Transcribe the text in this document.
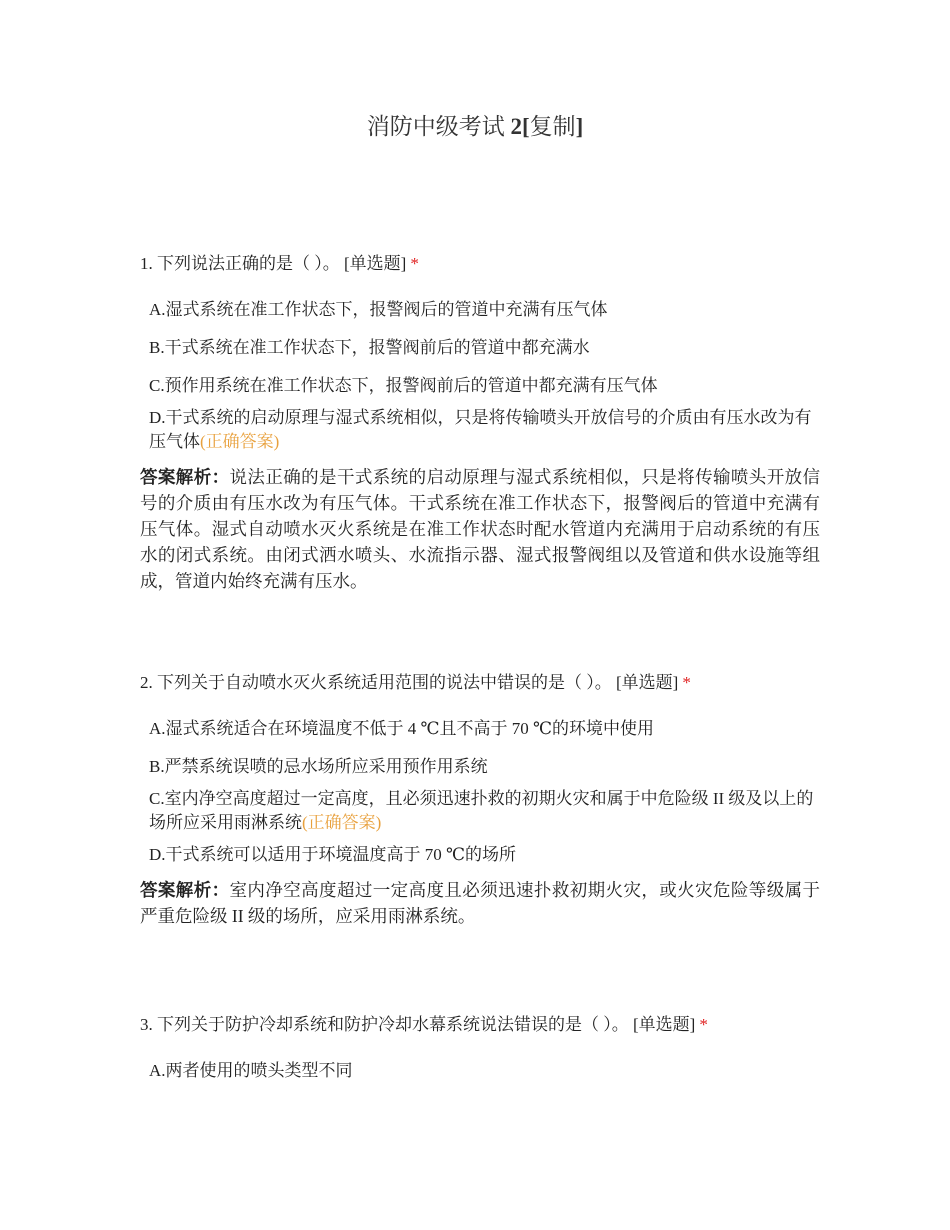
消防中级考试 2[复制]
1. 下列说法正确的是（ ）。 [单选题] *
A.湿式系统在准工作状态下，报警阀后的管道中充满有压气体
B.干式系统在准工作状态下，报警阀前后的管道中都充满水
C.预作用系统在准工作状态下，报警阀前后的管道中都充满有压气体
D.干式系统的启动原理与湿式系统相似，只是将传输喷头开放信号的介质由有压水改为有压气体(正确答案)
答案解析：说法正确的是干式系统的启动原理与湿式系统相似，只是将传输喷头开放信号的介质由有压水改为有压气体。干式系统在准工作状态下，报警阀后的管道中充满有压气体。湿式自动喷水灭火系统是在准工作状态时配水管道内充满用于启动系统的有压水的闭式系统。由闭式洒水喷头、水流指示器、湿式报警阀组以及管道和供水设施等组成，管道内始终充满有压水。
2. 下列关于自动喷水灭火系统适用范围的说法中错误的是（ ）。 [单选题] *
A.湿式系统适合在环境温度不低于 4 ℃且不高于 70 ℃的环境中使用
B.严禁系统误喷的忌水场所应采用预作用系统
C.室内净空高度超过一定高度，且必须迅速扑救的初期火灾和属于中危险级 II 级及以上的场所应采用雨淋系统(正确答案)
D.干式系统可以适用于环境温度高于 70 ℃的场所
答案解析：室内净空高度超过一定高度且必须迅速扑救初期火灾，或火灾危险等级属于严重危险级 II 级的场所，应采用雨淋系统。
3. 下列关于防护冷却系统和防护冷却水幕系统说法错误的是（ ）。 [单选题] *
A.两者使用的喷头类型不同
